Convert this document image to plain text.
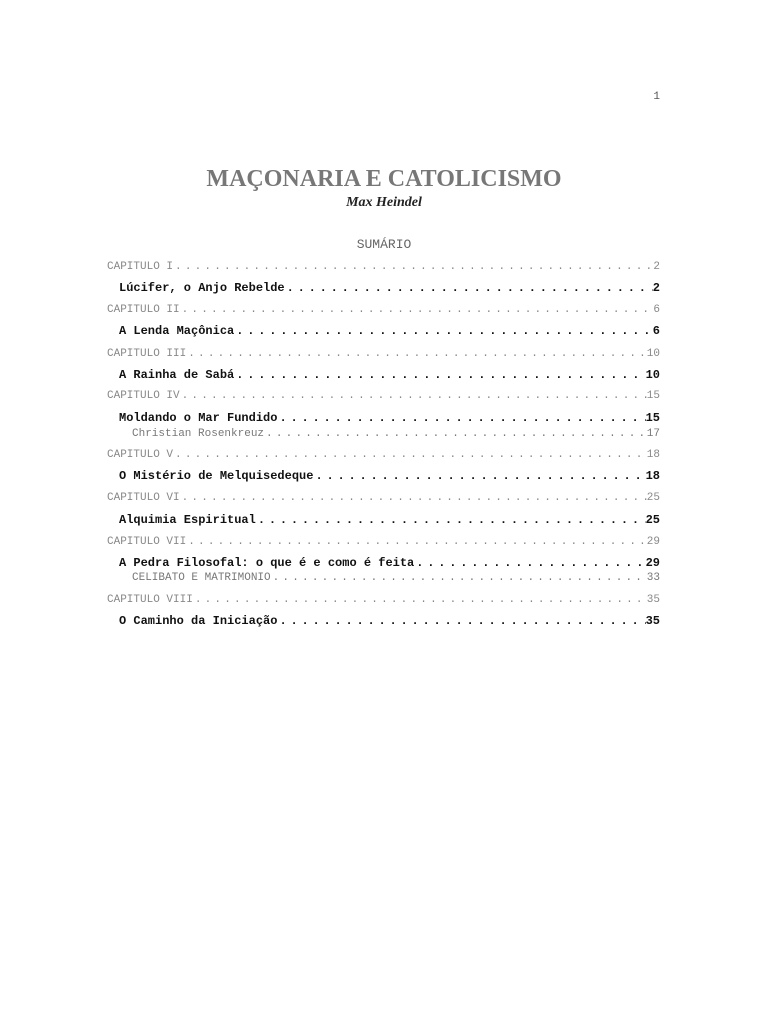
1
MAÇONARIA E CATOLICISMO
Max Heindel
SUMÁRIO
CAPÍTULO I . . .	2
Lúcifer, o Anjo Rebelde . . .	2
CAPÍTULO II . . .	6
A Lenda Maçônica . . .	6
CAPÍTULO III . . .	10
A Rainha de Sabá . . .	10
CAPÍTULO IV . . .	15
Moldando o Mar Fundido . . .	15
Christian Rosenkreuz . . .	17
CAPÍTULO V . . .	18
O Mistério de Melquisedeque . . .	18
CAPÍTULO VI . . .	25
Alquimia Espiritual . . .	25
CAPÍTULO VII . . .	29
A Pedra Filosofal: o que é e como é feita . . .	29
CELIBATO E MATRIMÔNIO . . .	33
CAPÍTULO VIII . . .	35
O Caminho da Iniciação . . .	35
